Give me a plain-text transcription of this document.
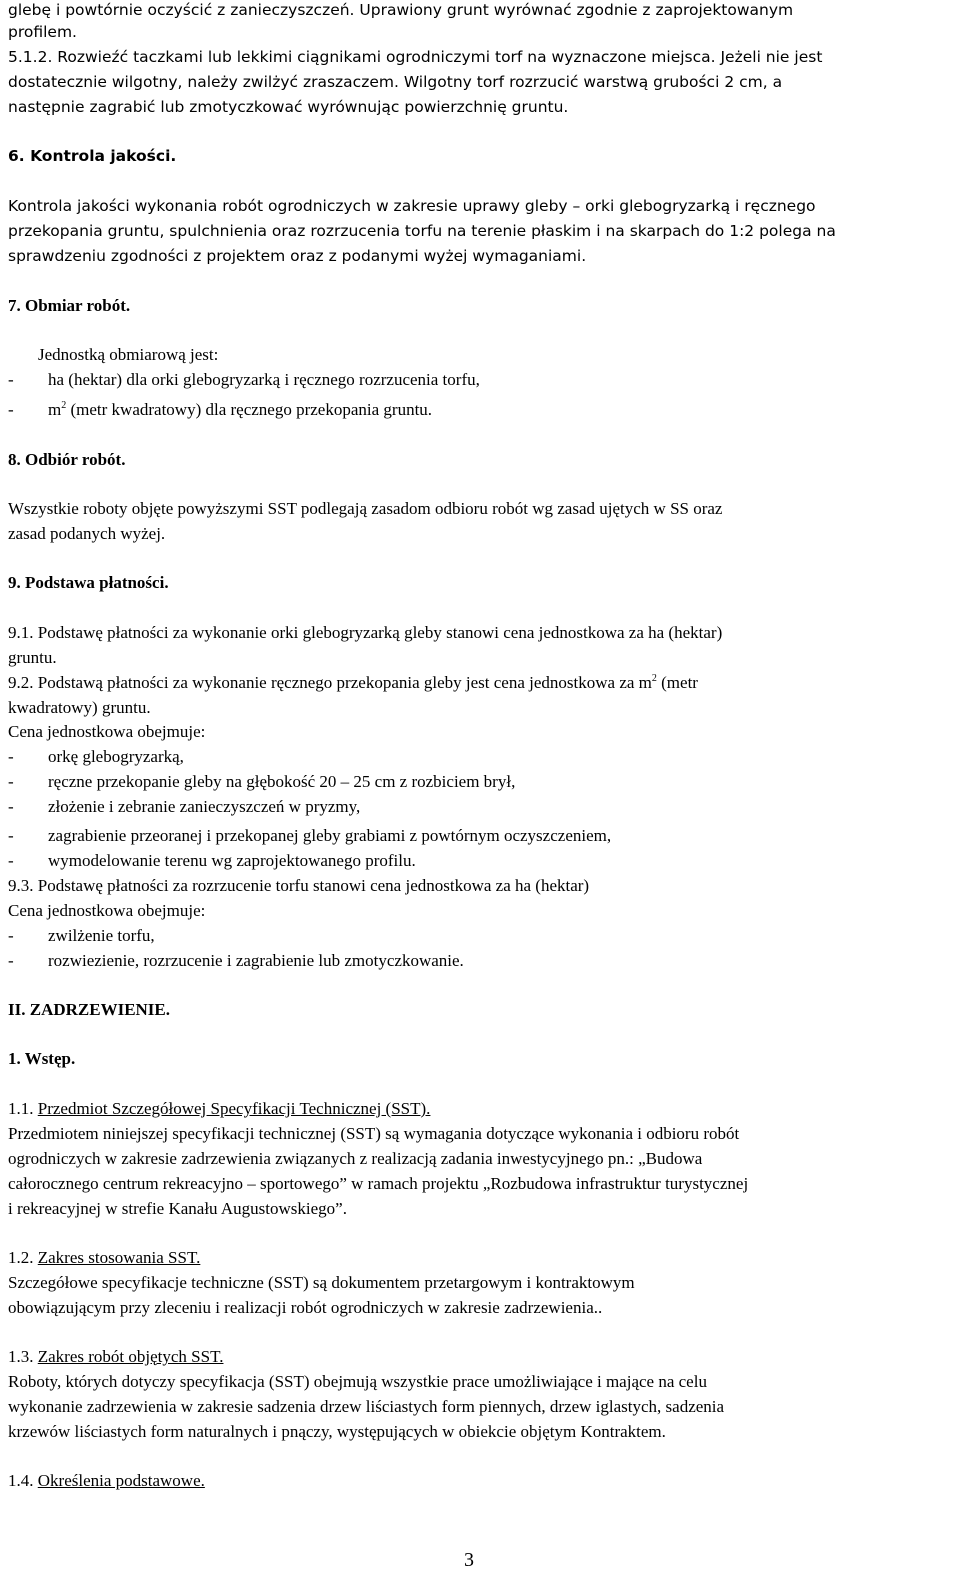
glebę i powtórnie oczyścić z zanieczyszczeń. Uprawiony grunt wyrównać zgodnie z zaprojektowanym
profilem.
5.1.2. Rozwieźć taczkami lub lekkimi ciągnikami ogrodniczymi torf na wyznaczone miejsca. Jeżeli nie jest
dostatecznie wilgotny, należy zwilżyć zraszaczem. Wilgotny torf rozrzucić warstwą grubości 2 cm, a
następnie zagrabić lub zmotyczkować wyrównując powierzchnię gruntu.
6. Kontrola jakości.
Kontrola jakości wykonania robót ogrodniczych w zakresie uprawy gleby – orki glebogryzarką i ręcznego
przekopania gruntu, spulchnienia oraz rozrzucenia torfu na terenie płaskim i na skarpach do 1:2 polega na
sprawdzeniu zgodności z projektem oraz z podanymi wyżej wymaganiami.
7. Obmiar robót.
Jednostką obmiarową jest:
- ha (hektar) dla orki glebogryzarką i ręcznego rozrzucenia torfu,
- $m^2$ (metr kwadratowy) dla ręcznego przekopania gruntu.
8. Odbiór robót.
Wszystkie roboty objęte powyższymi SST podlegają zasadom odbioru robót wg zasad ujętych w SS oraz
zasad podanych wyżej.
9. Podstawa płatności.
9.1. Podstawę płatności za wykonanie orki glebogryzarką gleby stanowi cena jednostkowa za ha (hektar)
gruntu.
9.2. Podstawą płatności za wykonanie ręcznego przekopania gleby jest cena jednostkowa za $m^2$ (metr
kwadratowy) gruntu.
Cena jednostkowa obejmuje:
- orkę glebogryzarką,
- ręczne przekopanie gleby na głębokość 20 – 25 cm z rozbiciem brył,
- złożenie i zebranie zanieczyszczeń w pryzmy,
- zagrabienie przeoranej i przekopanej gleby grabiami z powtórnym oczyszczeniem,
- wymodelowanie terenu wg zaprojektowanego profilu.
9.3. Podstawę płatności za rozrzucenie torfu stanowi cena jednostkowa za ha (hektar)
Cena jednostkowa obejmuje:
- zwilżenie torfu,
- rozwiezienie, rozrzucenie i zagrabienie lub zmotyczkowanie.
II. ZADRZEWIENIE.
1. Wstęp.
1.1. Przedmiot Szczegółowej Specyfikacji Technicznej (SST).
Przedmiotem niniejszej specyfikacji technicznej (SST) są wymagania dotyczące wykonania i odbioru robót
ogrodniczych w zakresie zadrzewienia związanych z realizacją zadania inwestycyjnego pn.: „Budowa
całorocznego centrum rekreacyjno – sportowego” w ramach projektu „Rozbudowa infrastruktur turystycznej
i rekreacyjnej w strefie Kanału Augustowskiego”.
1.2. Zakres stosowania SST.
Szczegółowe specyfikacje techniczne (SST) są dokumentem przetargowym i kontraktowym
obowiązującym przy zleceniu i realizacji robót ogrodniczych w zakresie zadrzewienia..
1.3. Zakres robót objętych SST.
Roboty, których dotyczy specyfikacja (SST) obejmują wszystkie prace umożliwiające i mające na celu
wykonanie zadrzewienia w zakresie sadzenia drzew liściastych form piennych, drzew iglastych, sadzenia
krzewów liściastych form naturalnych i pnączy, występujących w obiekcie objętym Kontraktem.
1.4. Określenia podstawowe.
3
